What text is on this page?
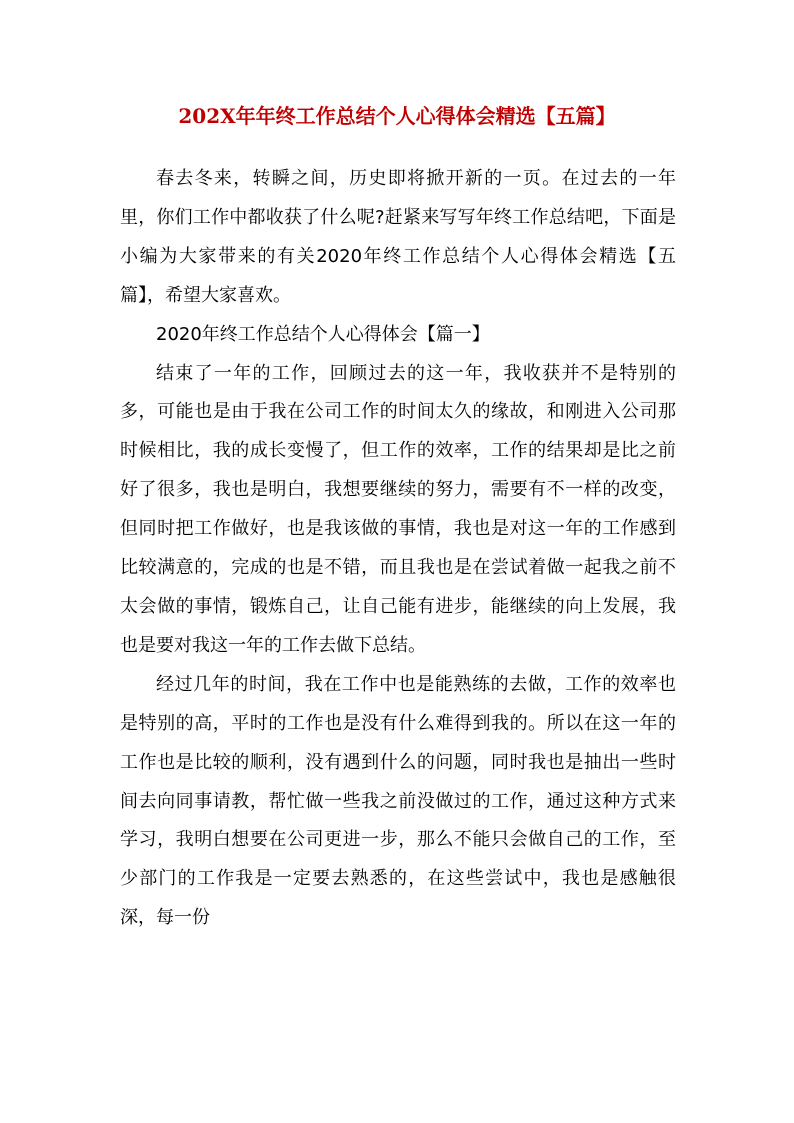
202X年年终工作总结个人心得体会精选【五篇】

春去冬来，转瞬之间，历史即将掀开新的一页。在过去的一年里，你们工作中都收获了什么呢?赶紧来写写年终工作总结吧，下面是小编为大家带来的有关2020年终工作总结个人心得体会精选【五篇】，希望大家喜欢。

2020年终工作总结个人心得体会【篇一】

结束了一年的工作，回顾过去的这一年，我收获并不是特别的多，可能也是由于我在公司工作的时间太久的缘故，和刚进入公司那时候相比，我的成长变慢了，但工作的效率，工作的结果却是比之前好了很多，我也是明白，我想要继续的努力，需要有不一样的改变，但同时把工作做好，也是我该做的事情，我也是对这一年的工作感到比较满意的，完成的也是不错，而且我也是在尝试着做一起我之前不太会做的事情，锻炼自己，让自己能有进步，能继续的向上发展，我也是要对我这一年的工作去做下总结。

经过几年的时间，我在工作中也是能熟练的去做，工作的效率也是特别的高，平时的工作也是没有什么难得到我的。所以在这一年的工作也是比较的顺利，没有遇到什么的问题，同时我也是抽出一些时间去向同事请教，帮忙做一些我之前没做过的工作，通过这种方式来学习，我明白想要在公司更进一步，那么不能只会做自己的工作，至少部门的工作我是一定要去熟悉的，在这些尝试中，我也是感触很深，每一份
